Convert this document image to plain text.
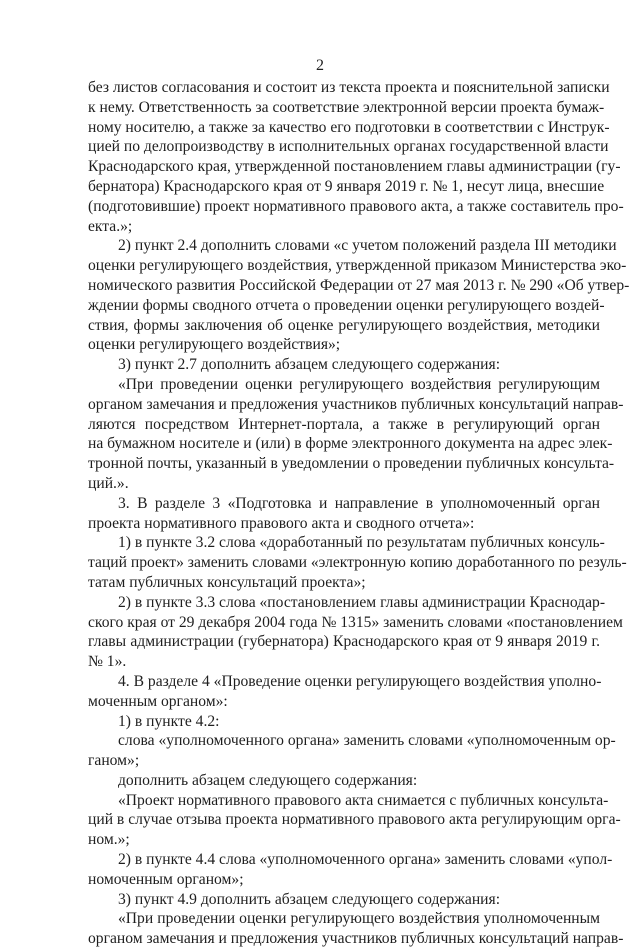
2
без листов согласования и состоит из текста проекта и пояснительной записки
к нему. Ответственность за соответствие электронной версии проекта бумаж-
ному носителю, а также за качество его подготовки в соответствии с Инструк-
цией по делопроизводству в исполнительных органах государственной власти
Краснодарского края, утвержденной постановлением главы администрации (гу-
бернатора) Краснодарского края от 9 января 2019 г. № 1, несут лица, внесшие
(подготовившие) проект нормативного правового акта, а также составитель про-
екта.»;
2) пункт 2.4 дополнить словами «с учетом положений раздела III методики
оценки регулирующего воздействия, утвержденной приказом Министерства эко-
номического развития Российской Федерации от 27 мая 2013 г. № 290 «Об утвер-
ждении формы сводного отчета о проведении оценки регулирующего воздей-
ствия, формы заключения об оценке регулирующего воздействия, методики
оценки регулирующего воздействия»;
3) пункт 2.7 дополнить абзацем следующего содержания:
«При проведении оценки регулирующего воздействия регулирующим
органом замечания и предложения участников публичных консультаций направ-
ляются посредством Интернет-портала, а также в регулирующий орган
на бумажном носителе и (или) в форме электронного документа на адрес элек-
тронной почты, указанный в уведомлении о проведении публичных консульта-
ций.».
3. В разделе 3 «Подготовка и направление в уполномоченный орган
проекта нормативного правового акта и сводного отчета»:
1) в пункте 3.2 слова «доработанный по результатам публичных консуль-
таций проект» заменить словами «электронную копию доработанного по резуль-
татам публичных консультаций проекта»;
2) в пункте 3.3 слова «постановлением главы администрации Краснодар-
ского края от 29 декабря 2004 года № 1315» заменить словами «постановлением
главы администрации (губернатора) Краснодарского края от 9 января 2019 г.
№ 1».
4. В разделе 4 «Проведение оценки регулирующего воздействия уполно-
моченным органом»:
1) в пункте 4.2:
слова «уполномоченного органа» заменить словами «уполномоченным ор-
ганом»;
дополнить абзацем следующего содержания:
«Проект нормативного правового акта снимается с публичных консульта-
ций в случае отзыва проекта нормативного правового акта регулирующим орга-
ном.»;
2) в пункте 4.4 слова «уполномоченного органа» заменить словами «упол-
номоченным органом»;
3) пункт 4.9 дополнить абзацем следующего содержания:
«При проведении оценки регулирующего воздействия уполномоченным
органом замечания и предложения участников публичных консультаций направ-
